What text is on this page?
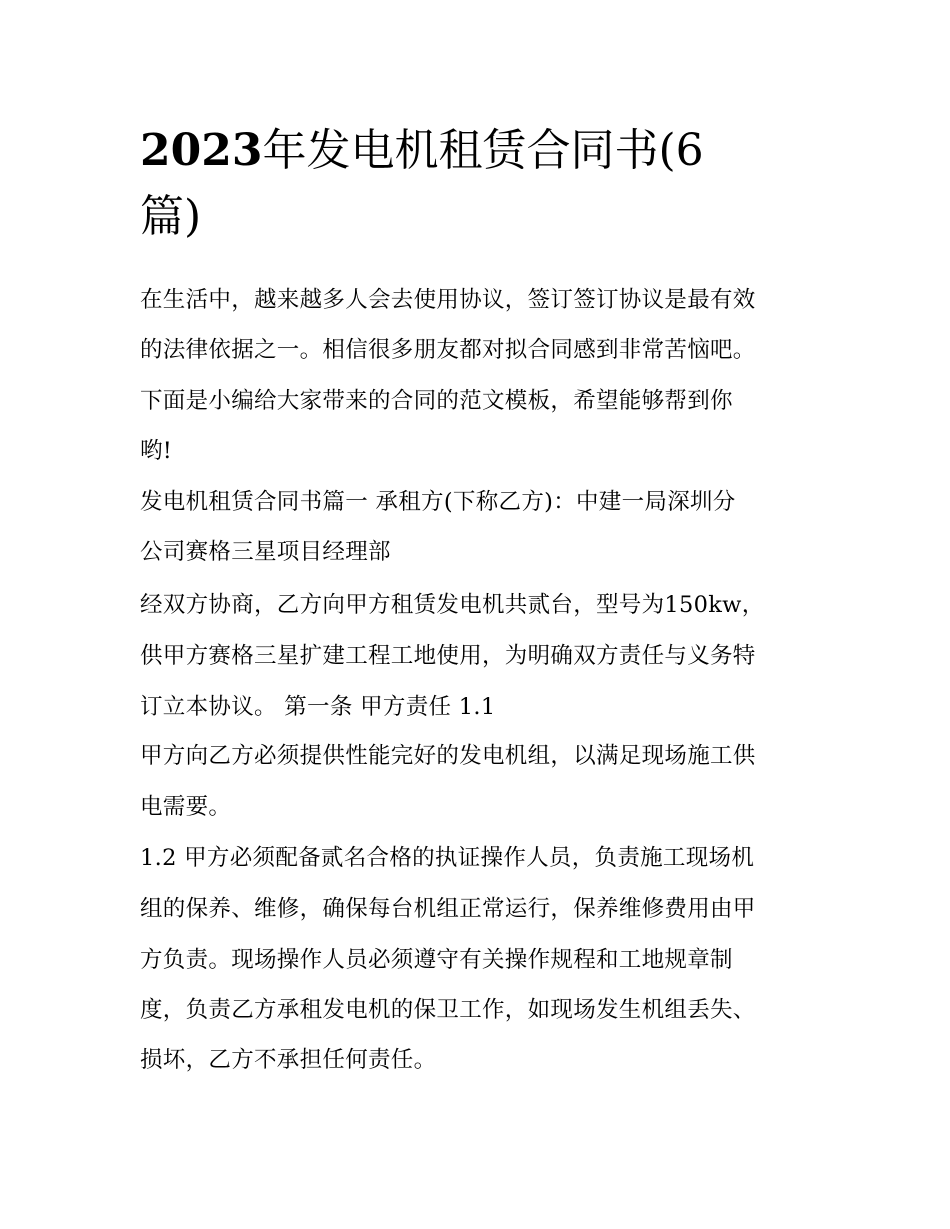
2023年发电机租赁合同书(6
篇)
在生活中，越来越多人会去使用协议，签订签订协议是最有效
的法律依据之一。相信很多朋友都对拟合同感到非常苦恼吧。
下面是小编给大家带来的合同的范文模板，希望能够帮到你
哟!
发电机租赁合同书篇一 承租方(下称乙方)：中建一局深圳分
公司赛格三星项目经理部
经双方协商，乙方向甲方租赁发电机共贰台，型号为150kw，
供甲方赛格三星扩建工程工地使用，为明确双方责任与义务特
订立本协议。 第一条 甲方责任 1.1
甲方向乙方必须提供性能完好的发电机组，以满足现场施工供
电需要。
1.2 甲方必须配备贰名合格的执证操作人员，负责施工现场机
组的保养、维修，确保每台机组正常运行，保养维修费用由甲
方负责。现场操作人员必须遵守有关操作规程和工地规章制
度，负责乙方承租发电机的保卫工作，如现场发生机组丢失、
损坏，乙方不承担任何责任。
